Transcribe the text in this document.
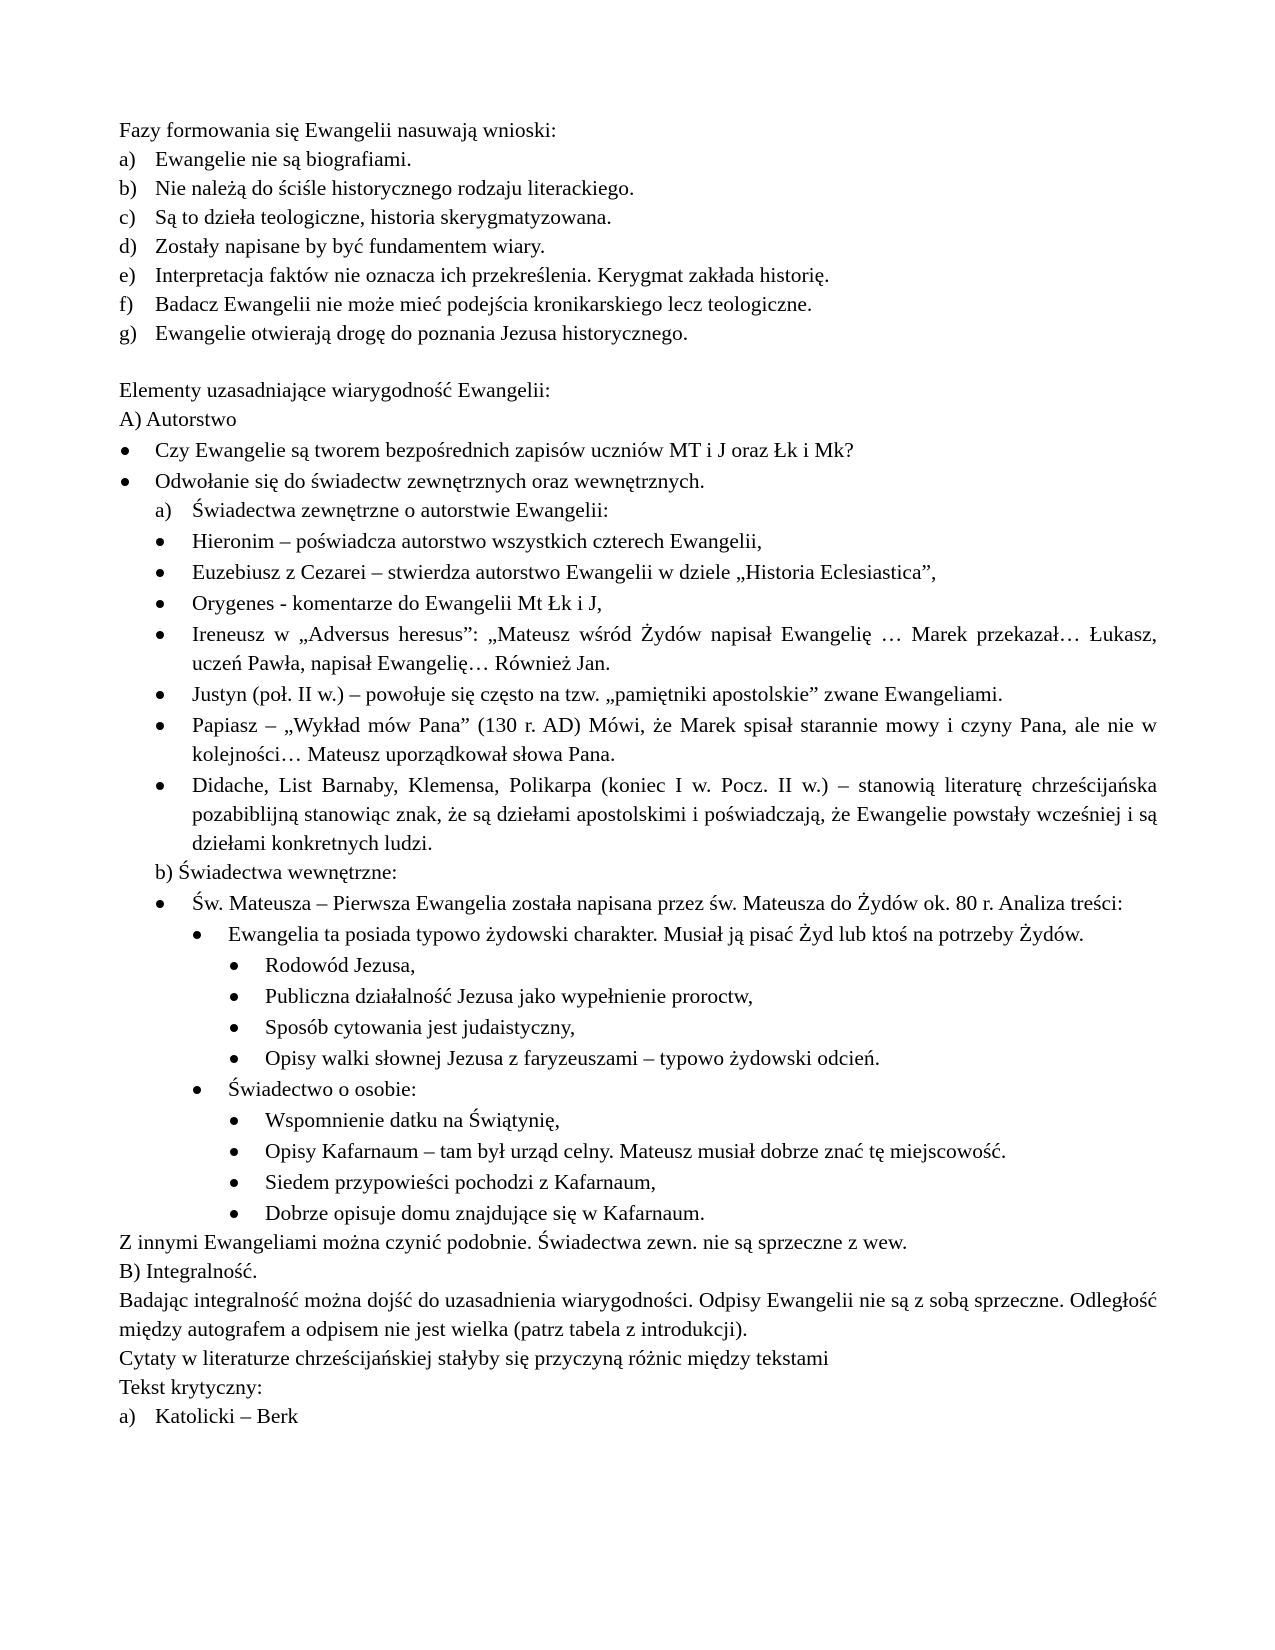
Fazy formowania się Ewangelii nasuwają wnioski:

a) Ewangelie nie są biografiami.

b) Nie należą do ściśle historycznego rodzaju literackiego.

c) Są to dzieła teologiczne, historia skerygmatyzowana.

d) Zostały napisane by być fundamentem wiary.

e) Interpretacja faktów nie oznacza ich przekreślenia. Kerygmat zakłada historię.

f) Badacz Ewangelii nie może mieć podejścia kronikarskiego lecz teologiczne.

g) Ewangelie otwierają drogę do poznania Jezusa historycznego.

Elementy uzasadniające wiarygodność Ewangelii:

A) Autorstwo

Czy Ewangelie są tworem bezpośrednich zapisów uczniów MT i J oraz Łk i Mk?

Odwołanie się do świadectw zewnętrznych oraz wewnętrznych.

a) Świadectwa zewnętrzne o autorstwie Ewangelii:

Hieronim – poświadcza autorstwo wszystkich czterech Ewangelii,

Euzebiusz z Cezarei – stwierdza autorstwo Ewangelii w dziele „Historia Eclesiastica”,

Orygenes - komentarze do Ewangelii Mt Łk i J,

Ireneusz w „Adversus heresus”: „Mateusz wśród Żydów napisał Ewangelię … Marek przekazał… Łukasz, uczeń Pawła, napisał Ewangelię… Również Jan.

Justyn (poł. II w.) – powołuje się często na tzw. „pamiętniki apostolskie” zwane Ewangeliami.

Papiasz – „Wykład mów Pana” (130 r. AD) Mówi, że Marek spisał starannie mowy i czyny Pana, ale nie w kolejności… Mateusz uporządkował słowa Pana.

Didache, List Barnaby, Klemensa, Polikarpa (koniec I w. Pocz. II w.) – stanowią literaturę chrześcijańska pozabiblijną stanowiąc znak, że są dziełami apostolskimi i poświadczają, że Ewangelie powstały wcześniej i są dziełami konkretnych ludzi.

b) Świadectwa wewnętrzne:

Św. Mateusza – Pierwsza Ewangelia została napisana przez św. Mateusza do Żydów ok. 80 r. Analiza treści:

Ewangelia ta posiada typowo żydowski charakter. Musiał ją pisać Żyd lub ktoś na potrzeby Żydów.

Rodowód Jezusa,

Publiczna działalność Jezusa jako wypełnienie proroctw,

Sposób cytowania jest judaistyczny,

Opisy walki słownej Jezusa z faryzeuszami – typowo żydowski odcień.

Świadectwo o osobie:

Wspomnienie datku na Świątynię,

Opisy Kafarnaum – tam był urząd celny. Mateusz musiał dobrze znać tę miejscowość.

Siedem przypowieści pochodzi z Kafarnaum,

Dobrze opisuje domu znajdujące się w Kafarnaum.

Z innymi Ewangeliami można czynić podobnie. Świadectwa zewn. nie są sprzeczne z wew.

B) Integralność.

Badając integralność można dojść do uzasadnienia wiarygodności. Odpisy Ewangelii nie są z sobą sprzeczne. Odległość między autografem a odpisem nie jest wielka (patrz tabela z introdukcji).

Cytaty w literaturze chrześcijańskiej stałyby się przyczyną różnic między tekstami

Tekst krytyczny:

a) Katolicki – Berk
